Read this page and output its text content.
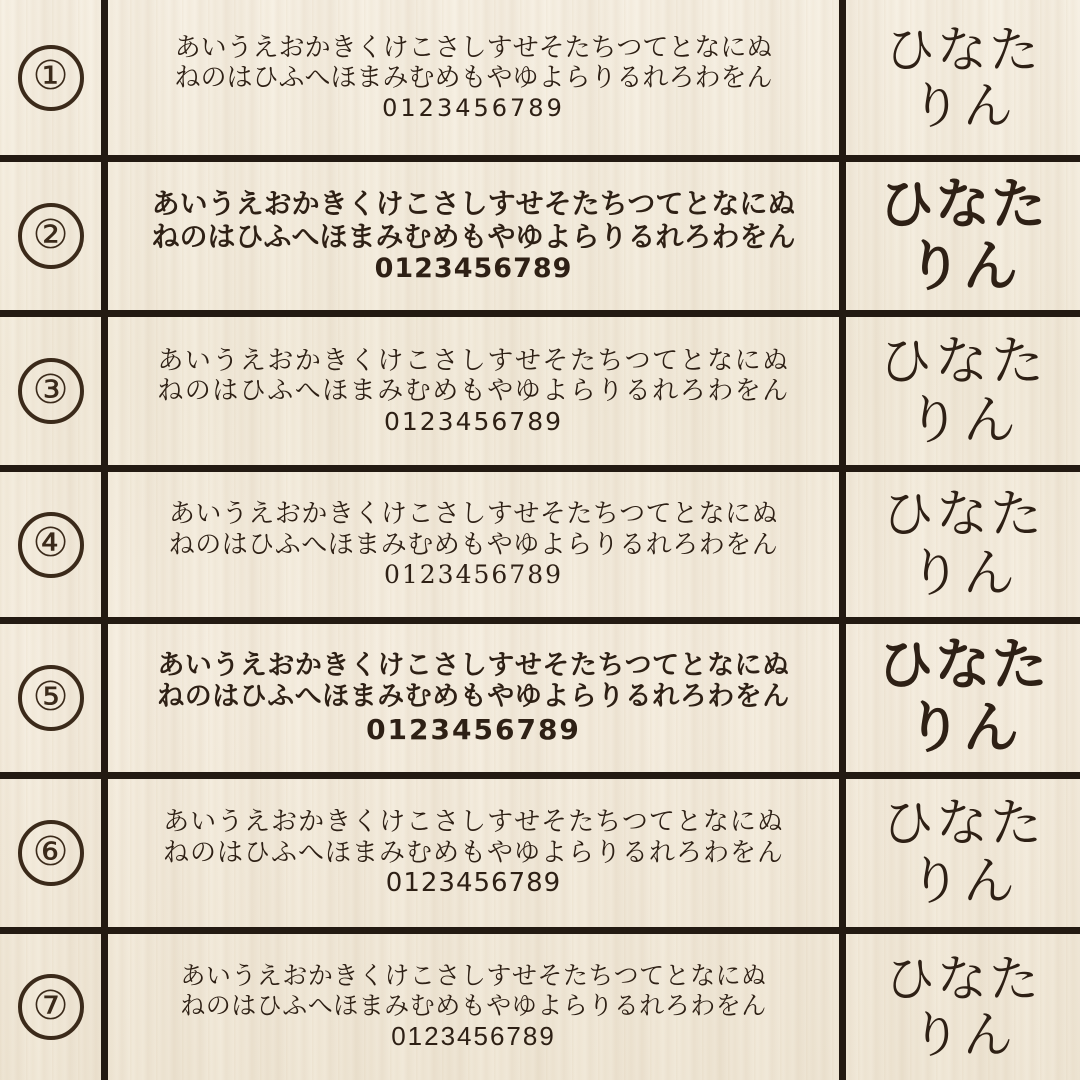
①
あいうえおかきくけこさしすせそたちつてとなにぬ
ねのはひふへほまみむめもやゆよらりるれろわをん
0123456789
ひなた
りん
②
あいうえおかきくけこさしすせそたちつてとなにぬ
ねのはひふへほまみむめもやゆよらりるれろわをん
0123456789
ひなた
りん
③
あいうえおかきくけこさしすせそたちつてとなにぬ
ねのはひふへほまみむめもやゆよらりるれろわをん
0123456789
ひなた
りん
④
あいうえおかきくけこさしすせそたちつてとなにぬ
ねのはひふへほまみむめもやゆよらりるれろわをん
0123456789
ひなた
りん
⑤
あいうえおかきくけこさしすせそたちつてとなにぬ
ねのはひふへほまみむめもやゆよらりるれろわをん
0123456789
ひなた
りん
⑥
あいうえおかきくけこさしすせそたちつてとなにぬ
ねのはひふへほまみむめもやゆよらりるれろわをん
0123456789
ひなた
りん
⑦
あいうえおかきくけこさしすせそたちつてとなにぬ
ねのはひふへほまみむめもやゆよらりるれろわをん
0123456789
ひなた
りん
